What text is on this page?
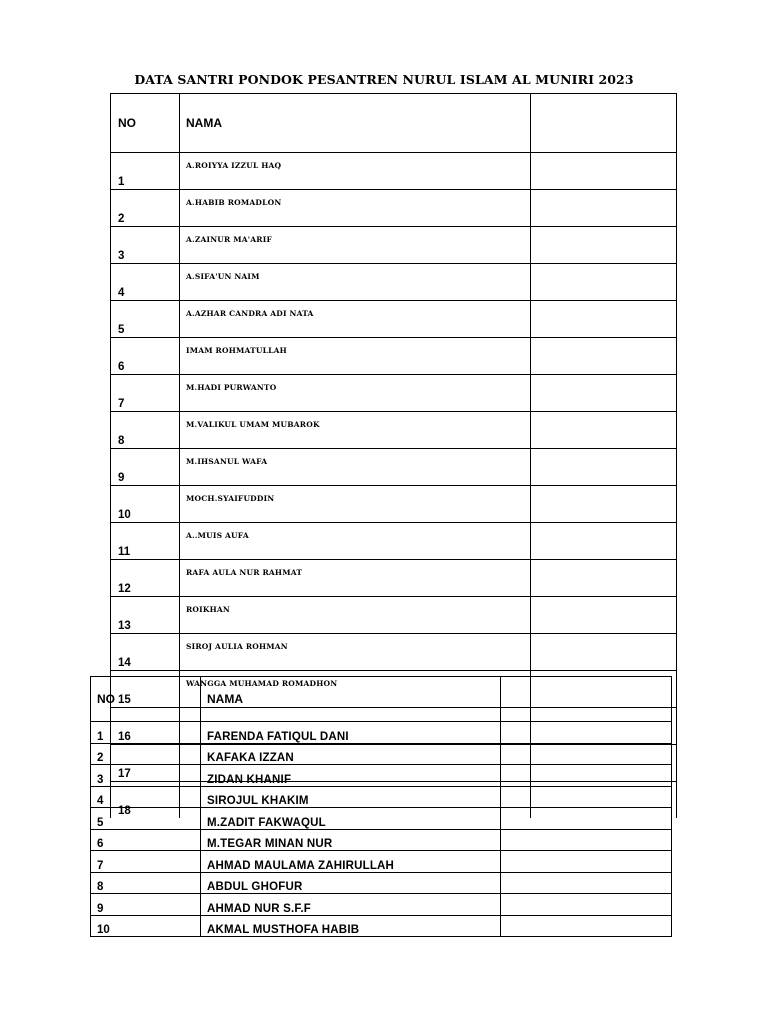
DATA SANTRI PONDOK PESANTREN NURUL ISLAM AL MUNIRI 2023
NO	NAMA	
1	A.ROIYYA IZZUL HAQ	
2	A.HABIB ROMADLON	
3	A.ZAINUR MA'ARIF	
4	A.SIFA'UN NAIM	
5	A.AZHAR CANDRA ADI NATA	
6	IMAM ROHMATULLAH	
7	M.HADI PURWANTO	
8	M.VALIKUL UMAM MUBAROK	
9	M.IHSANUL WAFA	
10	MOCH.SYAIFUDDIN	
11	A..MUIS AUFA	
12	RAFA AULA NUR RAHMAT	
13	ROIKHAN	
14	SIROJ AULIA ROHMAN	
15	WANGGA MUHAMAD ROMADHON	
16		
17		
18		
NO	NAMA	
1	FARENDA FATIQUL DANI	
2	KAFAKA IZZAN	
3	ZIDAN KHANIF	
4	SIROJUL KHAKIM	
5	M.ZADIT FAKWAQUL	
6	M.TEGAR MINAN NUR	
7	AHMAD MAULAMA ZAHIRULLAH	
8	ABDUL GHOFUR	
9	AHMAD NUR S.F.F	
10	AKMAL MUSTHOFA HABIB	
